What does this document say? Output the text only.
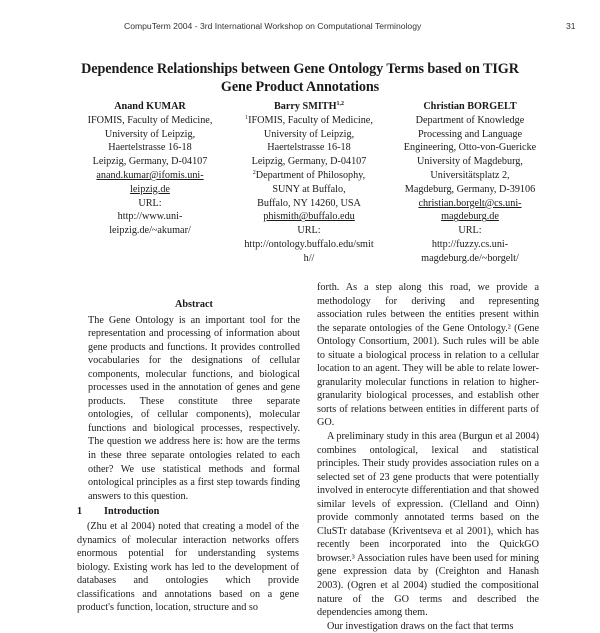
CompuTerm 2004 - 3rd International Workshop on Computational Terminology	31
Dependence Relationships between Gene Ontology Terms based on TIGR
Gene Product Annotations
Anand KUMAR
IFOMIS, Faculty of Medicine,
University of Leipzig,
Haertelstrasse 16-18
Leipzig, Germany, D-04107
anand.kumar@ifomis.uni-
leipzig.de
URL:
http://www.uni-
leipzig.de/~akumar/
Barry SMITH$^{1,2}$
$^1$IFOMIS, Faculty of Medicine,
University of Leipzig,
Haertelstrasse 16-18
Leipzig, Germany, D-04107
$^2$Department of Philosophy,
SUNY at Buffalo,
Buffalo, NY 14260, USA
phismith@buffalo.edu
URL:
http://ontology.buffalo.edu/smit
h//
Christian BORGELT
Department of Knowledge
Processing and Language
Engineering, Otto-von-Guericke
University of Magdeburg,
Universitätsplatz 2,
Magdeburg, Germany, D-39106
christian.borgelt@cs.uni-
magdeburg.de
URL:
http://fuzzy.cs.uni-
magdeburg.de/~borgelt/
Abstract

The Gene Ontology is an important tool for the representation and processing of information about gene products and functions. It provides controlled vocabularies for the designations of cellular components, molecular functions, and biological processes used in the annotation of genes and gene products. These constitute three separate ontologies, of cellular components), molecular functions and biological processes, respectively. The question we address here is: how are the terms in these three separate ontologies related to each other? We use statistical methods and formal ontological principles as a first step towards finding answers to this question.

1 Introduction

(Zhu et al 2004) noted that creating a model of the dynamics of molecular interaction networks offers enormous potential for understanding systems biology. Existing work has led to the development of databases and ontologies which provide classifications and annotations based on a gene product's function, location, structure and so

forth. As a step along this road, we provide a methodology for deriving and representing association rules between the entities present within the separate ontologies of the Gene Ontology.² (Gene Ontology Consortium, 2001). Such rules will be able to situate a biological process in relation to a cellular location to an agent. They will be able to relate lower-granularity molecular functions in relation to higher-granularity biological processes, and establish other sorts of relations between entities in different parts of GO.

A preliminary study in this area (Burgun et al 2004) combines ontological, lexical and statistical principles. Their study provides association rules on a selected set of 23 gene products that were potentially involved in enterocyte differentiation and that showed similar levels of expression. (Clelland and Oinn) provide commonly annotated terms based on the CluSTr database (Kriventseva et al 2001), which has recently been incorporated into the QuickGO browser.³ Association rules have been used for mining gene expression data by (Creighton and Hanash 2003). (Ogren et al 2004) studied the compositional nature of the GO terms and described the dependencies among them.

Our investigation draws on the fact that terms
